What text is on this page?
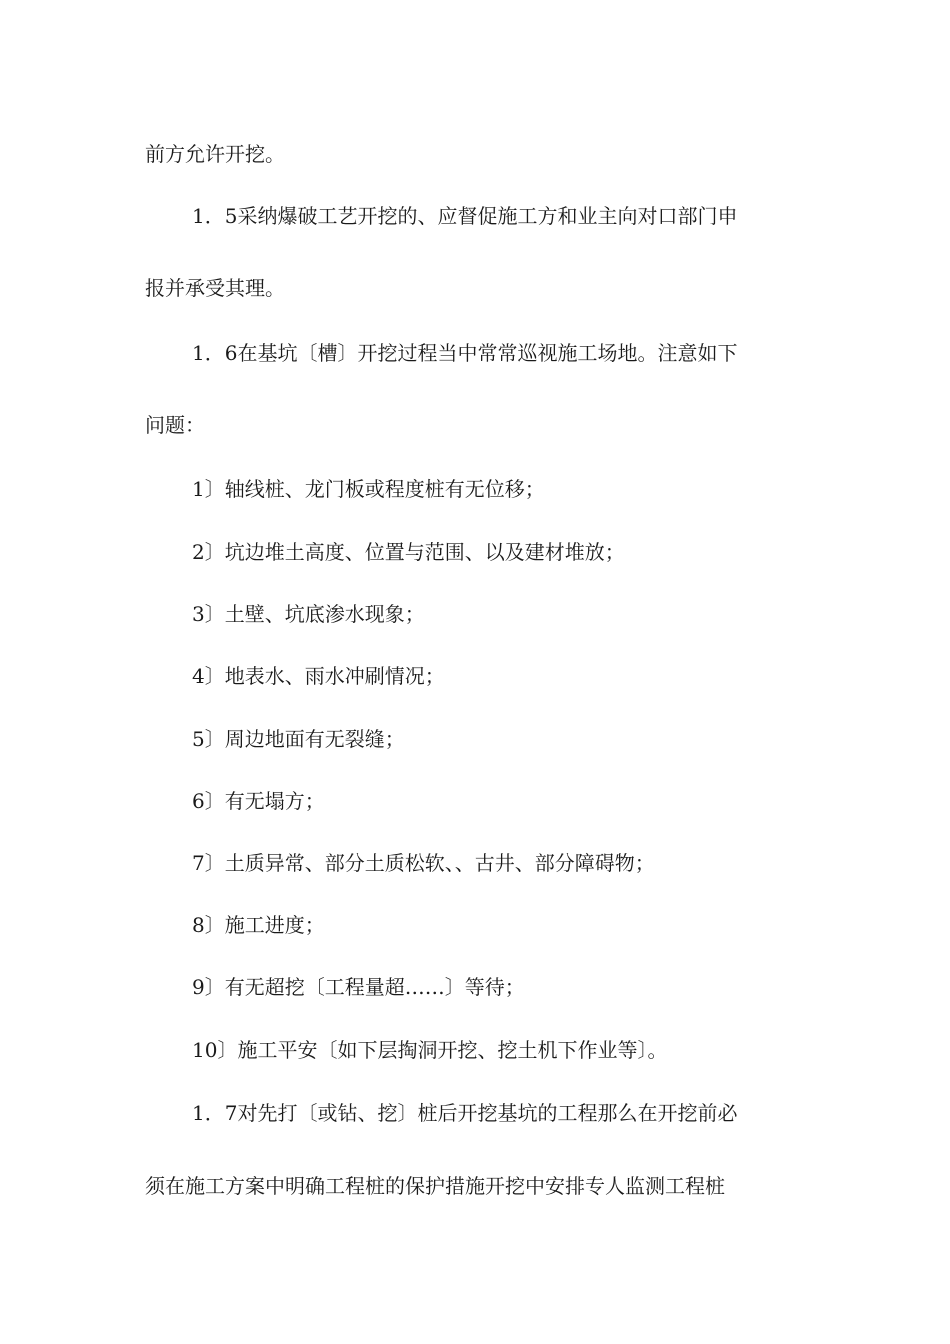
前方允许开挖。
1．5采纳爆破工艺开挖的、应督促施工方和业主向对口部门申
报并承受其理。
1．6在基坑〔槽〕开挖过程当中常常巡视施工场地。注意如下
问题：
1〕轴线桩、龙门板或程度桩有无位移；
2〕坑边堆土高度、位置与范围、以及建材堆放；
3〕土壁、坑底渗水现象；
4〕地表水、雨水冲刷情况；
5〕周边地面有无裂缝；
6〕有无塌方；
7〕土质异常、部分土质松软、、古井、部分障碍物；
8〕施工进度；
9〕有无超挖〔工程量超……〕等待；
10〕施工平安〔如下层掏洞开挖、挖土机下作业等〕。
1．7对先打〔或钻、挖〕桩后开挖基坑的工程那么在开挖前必
须在施工方案中明确工程桩的保护措施开挖中安排专人监测工程桩
